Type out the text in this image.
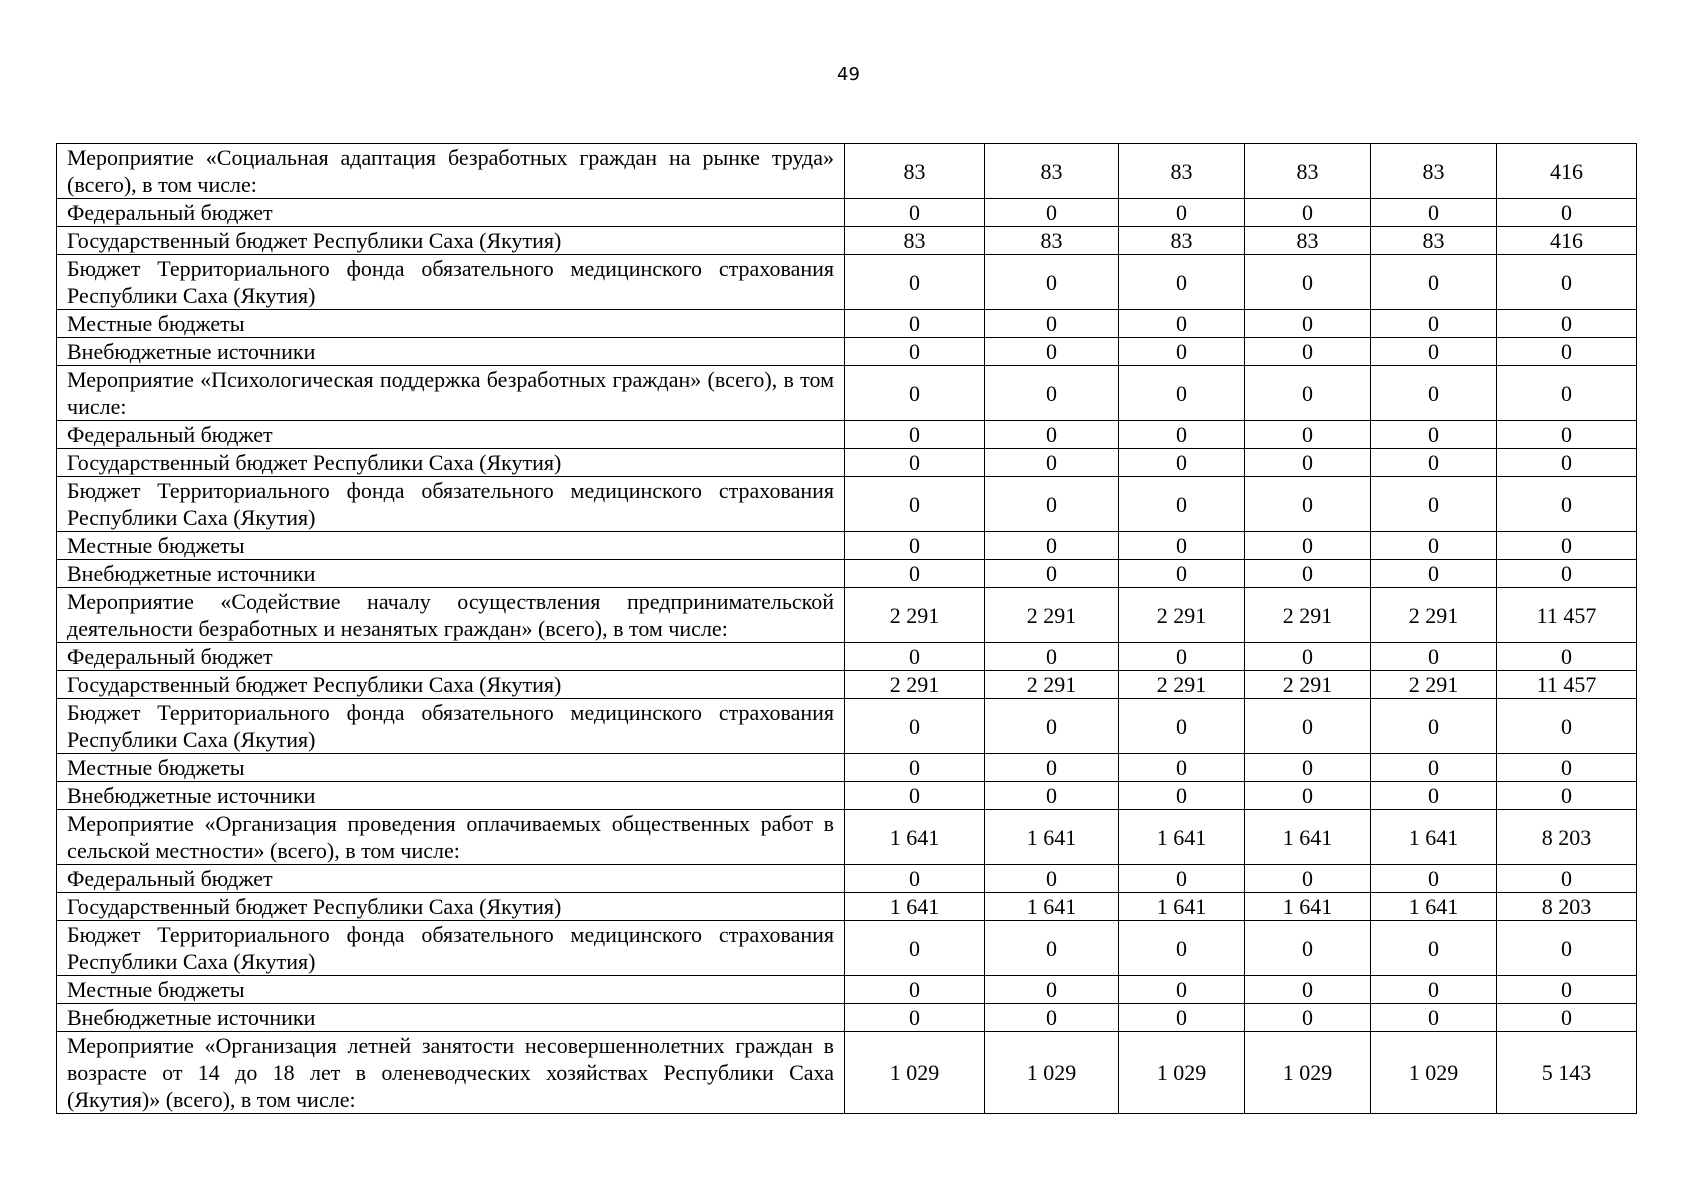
49
Мероприятие «Социальная адаптация безработных граждан на рынке труда» (всего), в том числе:	83	83	83	83	83	416
Федеральный бюджет	0	0	0	0	0	0
Государственный бюджет Республики Саха (Якутия)	83	83	83	83	83	416
Бюджет Территориального фонда обязательного медицинского страхования Республики Саха (Якутия)	0	0	0	0	0	0
Местные бюджеты	0	0	0	0	0	0
Внебюджетные источники	0	0	0	0	0	0
Мероприятие «Психологическая поддержка безработных граждан» (всего), в том числе:	0	0	0	0	0	0
Федеральный бюджет	0	0	0	0	0	0
Государственный бюджет Республики Саха (Якутия)	0	0	0	0	0	0
Бюджет Территориального фонда обязательного медицинского страхования Республики Саха (Якутия)	0	0	0	0	0	0
Местные бюджеты	0	0	0	0	0	0
Внебюджетные источники	0	0	0	0	0	0
Мероприятие «Содействие началу осуществления предпринимательской деятельности безработных и незанятых граждан» (всего), в том числе:	2 291	2 291	2 291	2 291	2 291	11 457
Федеральный бюджет	0	0	0	0	0	0
Государственный бюджет Республики Саха (Якутия)	2 291	2 291	2 291	2 291	2 291	11 457
Бюджет Территориального фонда обязательного медицинского страхования Республики Саха (Якутия)	0	0	0	0	0	0
Местные бюджеты	0	0	0	0	0	0
Внебюджетные источники	0	0	0	0	0	0
Мероприятие «Организация проведения оплачиваемых общественных работ в сельской местности» (всего), в том числе:	1 641	1 641	1 641	1 641	1 641	8 203
Федеральный бюджет	0	0	0	0	0	0
Государственный бюджет Республики Саха (Якутия)	1 641	1 641	1 641	1 641	1 641	8 203
Бюджет Территориального фонда обязательного медицинского страхования Республики Саха (Якутия)	0	0	0	0	0	0
Местные бюджеты	0	0	0	0	0	0
Внебюджетные источники	0	0	0	0	0	0
Мероприятие «Организация летней занятости несовершеннолетних граждан в возрасте от 14 до 18 лет в оленеводческих хозяйствах Республики Саха (Якутия)» (всего), в том числе:	1 029	1 029	1 029	1 029	1 029	5 143
